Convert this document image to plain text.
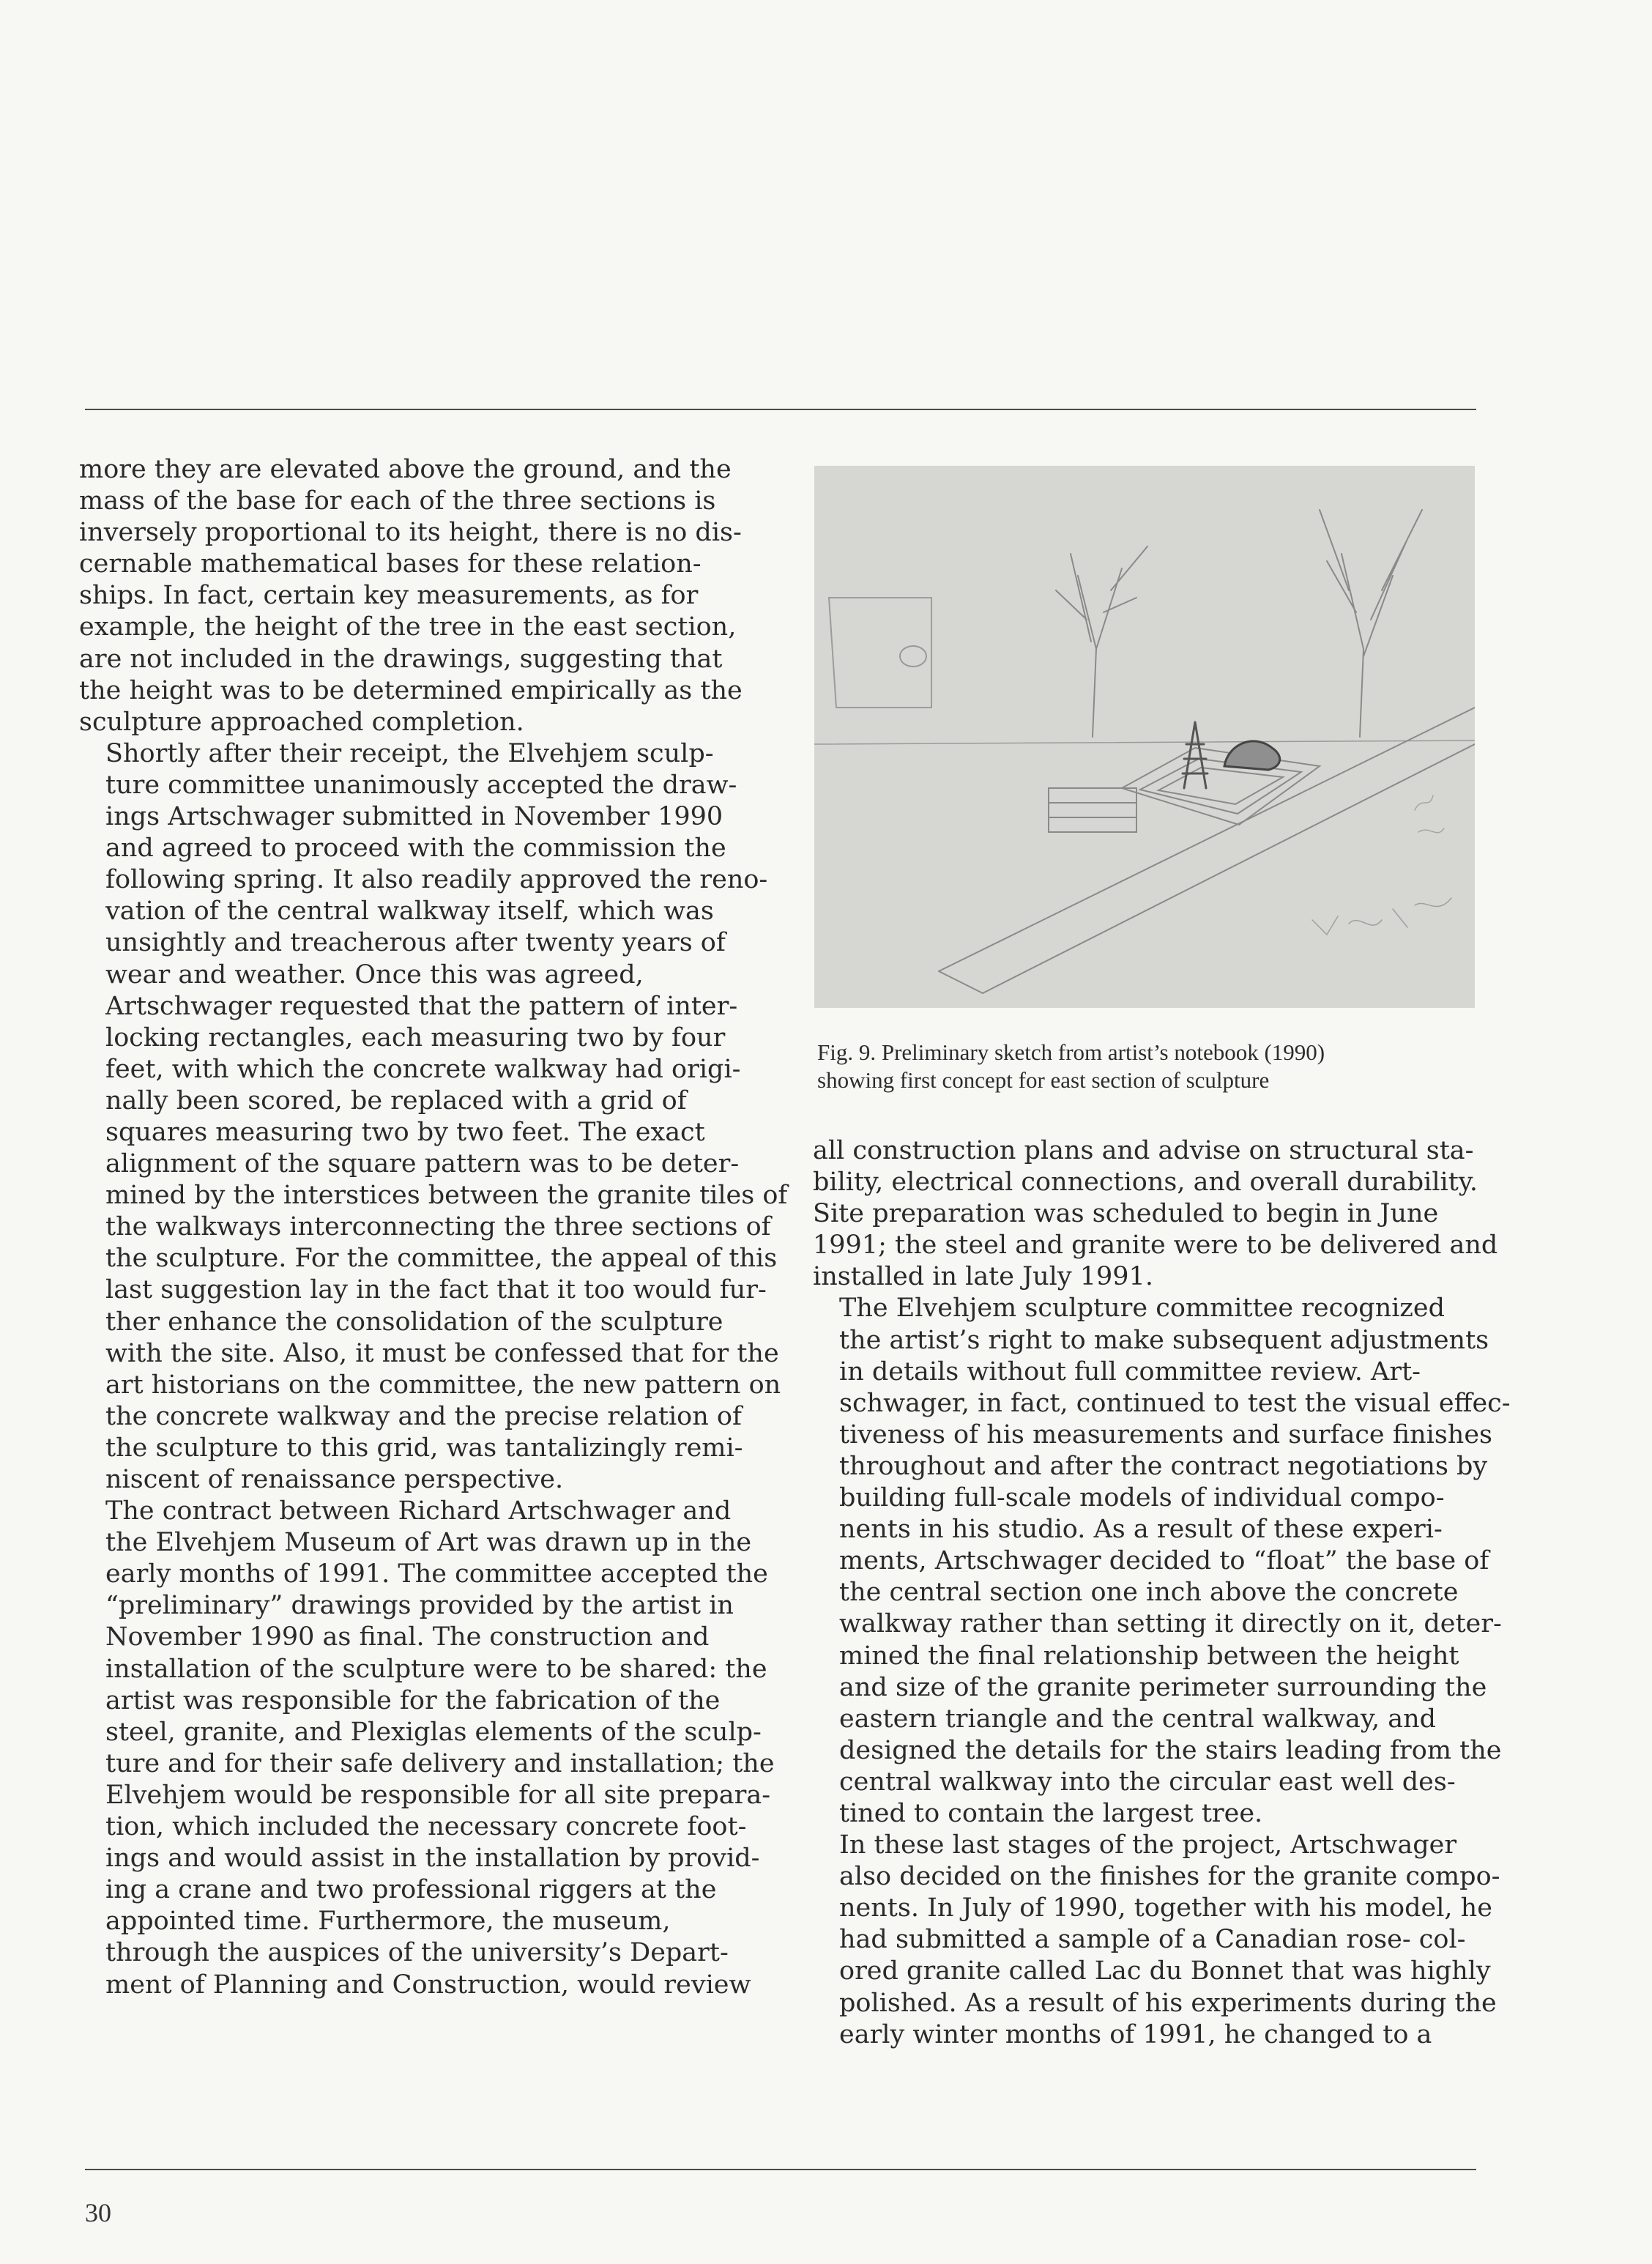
more they are elevated above the ground, and the
mass of the base for each of the three sections is
inversely proportional to its height, there is no dis-
cernable mathematical bases for these relation-
ships. In fact, certain key measurements, as for
example, the height of the tree in the east section,
are not included in the drawings, suggesting that
the height was to be determined empirically as the
sculpture approached completion.

Shortly after their receipt, the Elvehjem sculp-
ture committee unanimously accepted the draw-
ings Artschwager submitted in November 1990
and agreed to proceed with the commission the
following spring. It also readily approved the reno-
vation of the central walkway itself, which was
unsightly and treacherous after twenty years of
wear and weather. Once this was agreed,
Artschwager requested that the pattern of inter-
locking rectangles, each measuring two by four
feet, with which the concrete walkway had origi-
nally been scored, be replaced with a grid of
squares measuring two by two feet. The exact
alignment of the square pattern was to be deter-
mined by the interstices between the granite tiles of
the walkways interconnecting the three sections of
the sculpture. For the committee, the appeal of this
last suggestion lay in the fact that it too would fur-
ther enhance the consolidation of the sculpture
with the site. Also, it must be confessed that for the
art historians on the committee, the new pattern on
the concrete walkway and the precise relation of
the sculpture to this grid, was tantalizingly remi-
niscent of renaissance perspective.

The contract between Richard Artschwager and
the Elvehjem Museum of Art was drawn up in the
early months of 1991. The committee accepted the
“preliminary” drawings provided by the artist in
November 1990 as final. The construction and
installation of the sculpture were to be shared: the
artist was responsible for the fabrication of the
steel, granite, and Plexiglas elements of the sculp-
ture and for their safe delivery and installation; the
Elvehjem would be responsible for all site prepara-
tion, which included the necessary concrete foot-
ings and would assist in the installation by provid-
ing a crane and two professional riggers at the
appointed time. Furthermore, the museum,
through the auspices of the university’s Depart-
ment of Planning and Construction, would review

Fig. 9. Preliminary sketch from artist’s notebook (1990)
showing first concept for east section of sculpture

all construction plans and advise on structural sta-
bility, electrical connections, and overall durability.
Site preparation was scheduled to begin in June
1991; the steel and granite were to be delivered and
installed in late July 1991.

The Elvehjem sculpture committee recognized
the artist’s right to make subsequent adjustments
in details without full committee review. Art-
schwager, in fact, continued to test the visual effec-
tiveness of his measurements and surface finishes
throughout and after the contract negotiations by
building full-scale models of individual compo-
nents in his studio. As a result of these experi-
ments, Artschwager decided to “float” the base of
the central section one inch above the concrete
walkway rather than setting it directly on it, deter-
mined the final relationship between the height
and size of the granite perimeter surrounding the
eastern triangle and the central walkway, and
designed the details for the stairs leading from the
central walkway into the circular east well des-
tined to contain the largest tree.

In these last stages of the project, Artschwager
also decided on the finishes for the granite compo-
nents. In July of 1990, together with his model, he
had submitted a sample of a Canadian rose- col-
ored granite called Lac du Bonnet that was highly
polished. As a result of his experiments during the
early winter months of 1991, he changed to a

30
